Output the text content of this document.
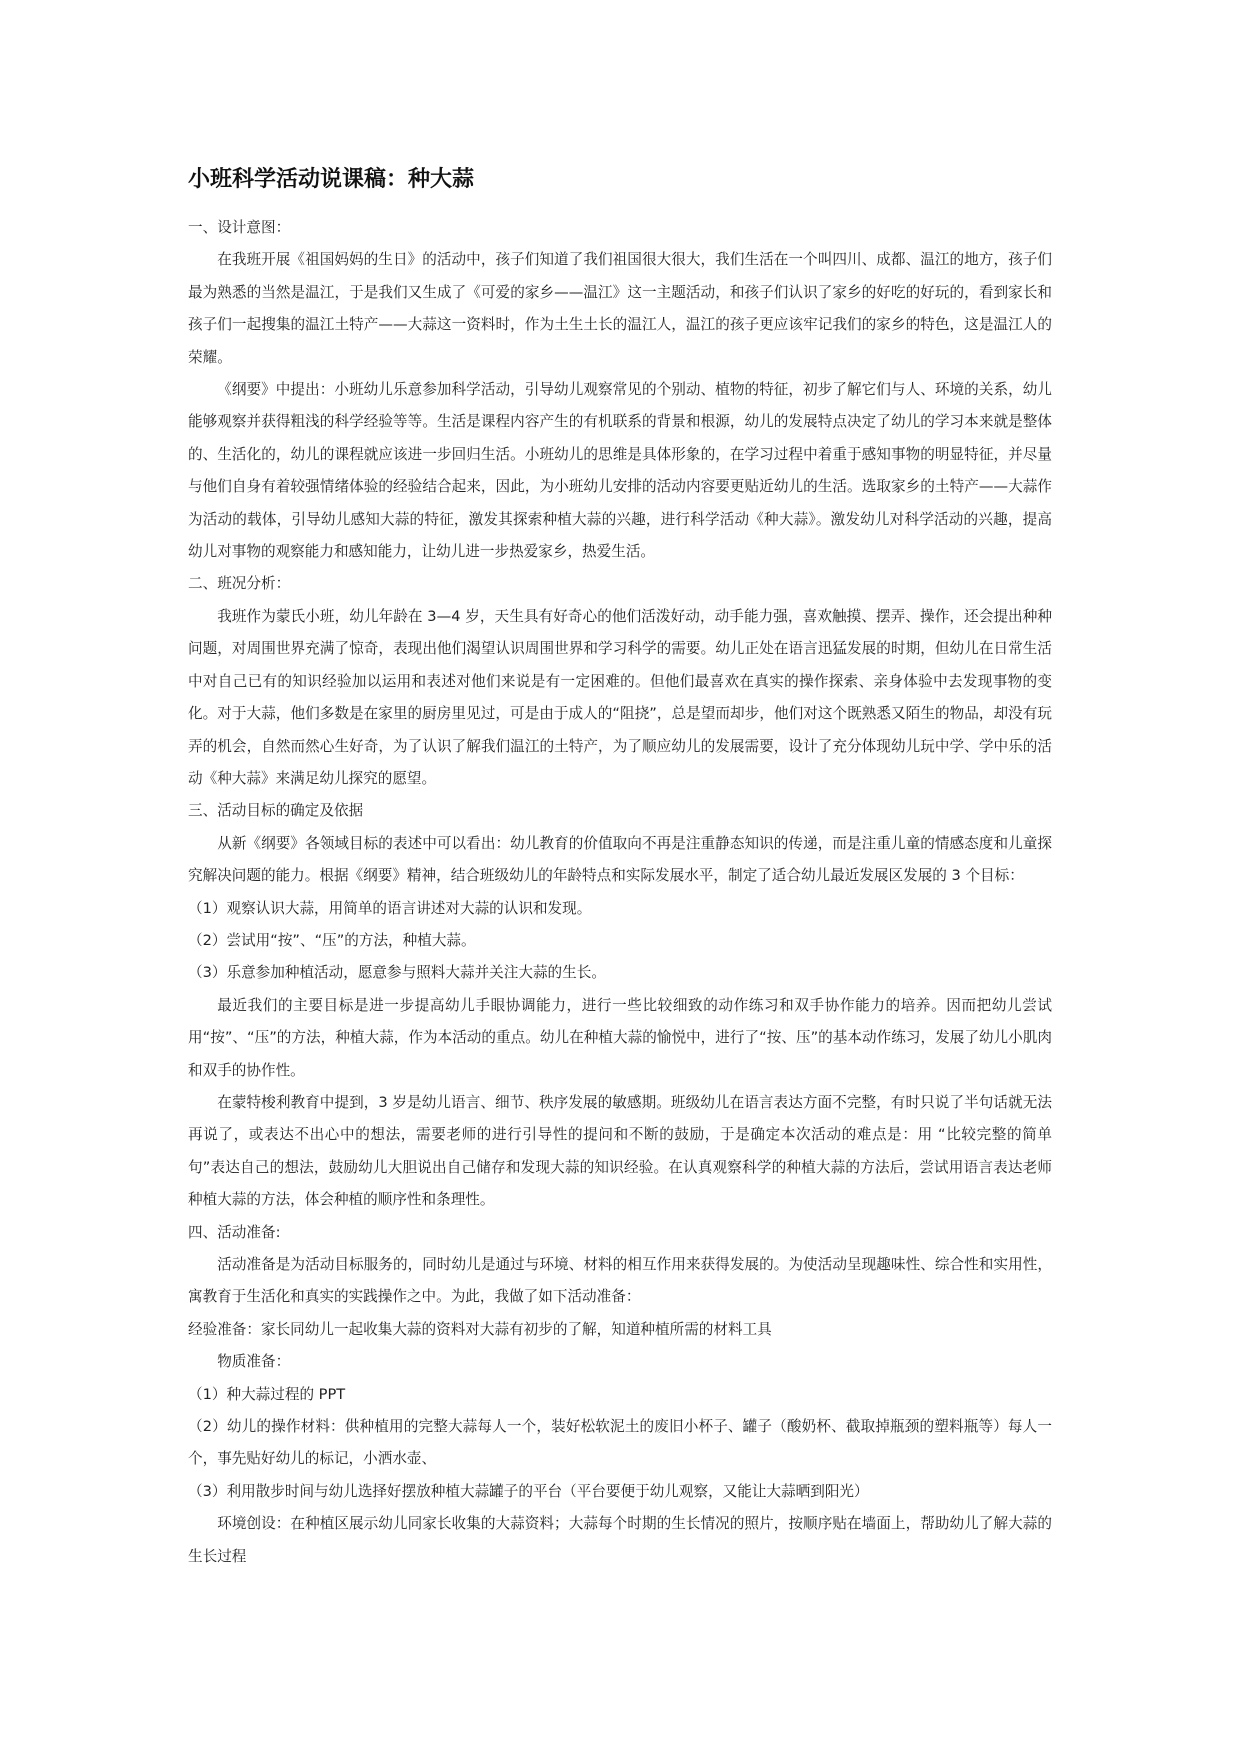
小班科学活动说课稿：种大蒜

一、设计意图：

在我班开展《祖国妈妈的生日》的活动中，孩子们知道了我们祖国很大很大，我们生活在一个叫四川、成都、温江的地方，孩子们最为熟悉的当然是温江，于是我们又生成了《可爱的家乡——温江》这一主题活动，和孩子们认识了家乡的好吃的好玩的，看到家长和孩子们一起搜集的温江土特产——大蒜这一资料时，作为土生土长的温江人，温江的孩子更应该牢记我们的家乡的特色，这是温江人的荣耀。

《纲要》中提出：小班幼儿乐意参加科学活动，引导幼儿观察常见的个别动、植物的特征，初步了解它们与人、环境的关系，幼儿能够观察并获得粗浅的科学经验等等。生活是课程内容产生的有机联系的背景和根源，幼儿的发展特点决定了幼儿的学习本来就是整体的、生活化的，幼儿的课程就应该进一步回归生活。小班幼儿的思维是具体形象的，在学习过程中着重于感知事物的明显特征，并尽量与他们自身有着较强情绪体验的经验结合起来，因此，为小班幼儿安排的活动内容要更贴近幼儿的生活。选取家乡的土特产——大蒜作为活动的载体，引导幼儿感知大蒜的特征，激发其探索种植大蒜的兴趣，进行科学活动《种大蒜》。激发幼儿对科学活动的兴趣，提高幼儿对事物的观察能力和感知能力，让幼儿进一步热爱家乡，热爱生活。

二、班况分析：

我班作为蒙氏小班，幼儿年龄在 3—4 岁，天生具有好奇心的他们活泼好动，动手能力强，喜欢触摸、摆弄、操作，还会提出种种问题，对周围世界充满了惊奇，表现出他们渴望认识周围世界和学习科学的需要。幼儿正处在语言迅猛发展的时期，但幼儿在日常生活中对自己已有的知识经验加以运用和表述对他们来说是有一定困难的。但他们最喜欢在真实的操作探索、亲身体验中去发现事物的变化。对于大蒜，他们多数是在家里的厨房里见过，可是由于成人的“阻挠”，总是望而却步，他们对这个既熟悉又陌生的物品，却没有玩弄的机会，自然而然心生好奇，为了认识了解我们温江的土特产，为了顺应幼儿的发展需要，设计了充分体现幼儿玩中学、学中乐的活动《种大蒜》来满足幼儿探究的愿望。

三、活动目标的确定及依据

从新《纲要》各领域目标的表述中可以看出：幼儿教育的价值取向不再是注重静态知识的传递，而是注重儿童的情感态度和儿童探究解决问题的能力。根据《纲要》精神，结合班级幼儿的年龄特点和实际发展水平，制定了适合幼儿最近发展区发展的 3 个目标：

（1）观察认识大蒜，用简单的语言讲述对大蒜的认识和发现。

（2）尝试用“按”、“压”的方法，种植大蒜。

（3）乐意参加种植活动，愿意参与照料大蒜并关注大蒜的生长。

最近我们的主要目标是进一步提高幼儿手眼协调能力，进行一些比较细致的动作练习和双手协作能力的培养。因而把幼儿尝试用“按”、“压”的方法，种植大蒜，作为本活动的重点。幼儿在种植大蒜的愉悦中，进行了“按、压”的基本动作练习，发展了幼儿小肌肉和双手的协作性。

在蒙特梭利教育中提到，3 岁是幼儿语言、细节、秩序发展的敏感期。班级幼儿在语言表达方面不完整，有时只说了半句话就无法再说了，或表达不出心中的想法，需要老师的进行引导性的提问和不断的鼓励，于是确定本次活动的难点是：用 “比较完整的简单句”表达自己的想法，鼓励幼儿大胆说出自己储存和发现大蒜的知识经验。在认真观察科学的种植大蒜的方法后，尝试用语言表达老师种植大蒜的方法，体会种植的顺序性和条理性。

四、活动准备:

活动准备是为活动目标服务的，同时幼儿是通过与环境、材料的相互作用来获得发展的。为使活动呈现趣味性、综合性和实用性，寓教育于生活化和真实的实践操作之中。为此，我做了如下活动准备：

经验准备：家长同幼儿一起收集大蒜的资料对大蒜有初步的了解，知道种植所需的材料工具

物质准备：

（1）种大蒜过程的 PPT

（2）幼儿的操作材料：供种植用的完整大蒜每人一个，装好松软泥土的废旧小杯子、罐子（酸奶杯、截取掉瓶颈的塑料瓶等）每人一个，事先贴好幼儿的标记，小洒水壶、

（3）利用散步时间与幼儿选择好摆放种植大蒜罐子的平台（平台要便于幼儿观察，又能让大蒜晒到阳光）

环境创设：在种植区展示幼儿同家长收集的大蒜资料；大蒜每个时期的生长情况的照片，按顺序贴在墙面上，帮助幼儿了解大蒜的生长过程
